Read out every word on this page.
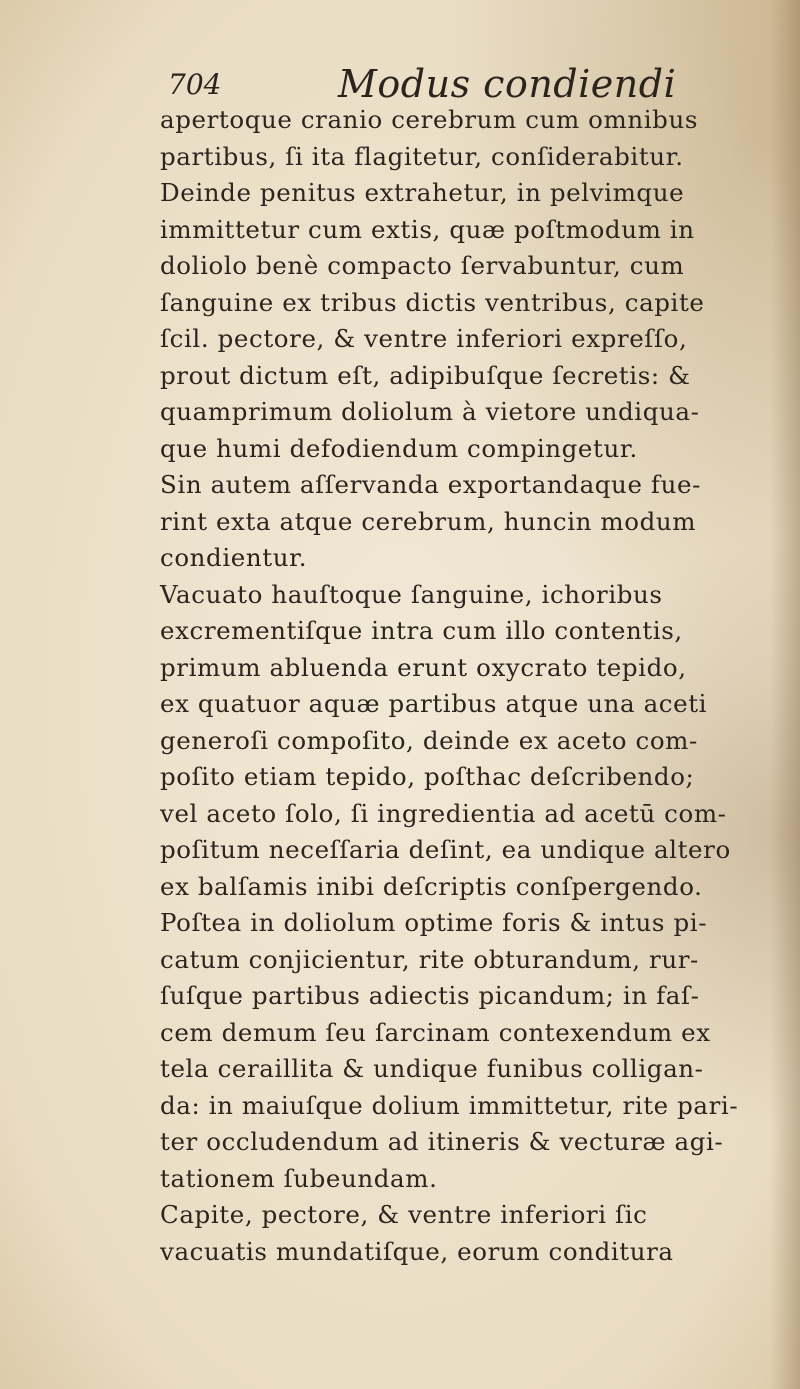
704	Modus condiendi
apertoque cranio cerebrum cum omnibus
partibus, ſi ita flagitetur, conſiderabitur.
Deinde penitus extrahetur, in pelvimque
immittetur cum extis, quæ poſtmodum in
doliolo benè compacto ſervabuntur, cum
ſanguine ex tribus dictis ventribus, capite
ſcil. pectore, & ventre inferiori expreſſo,
prout dictum eſt, adipibuſque ſecretis: &
quamprimum doliolum à vietore undiqua-
que humi defodiendum compingetur.
Sin autem aſſervanda exportandaque fue-
rint exta atque cerebrum, huncin modum
condientur.
Vacuato hauſtoque ſanguine, ichoribus
excrementiſque intra cum illo contentis,
primum abluenda erunt oxycrato tepido,
ex quatuor aquæ partibus atque una aceti
generoſi compoſito, deinde ex aceto com-
poſito etiam tepido, poſthac deſcribendo;
vel aceto ſolo, ſi ingredientia ad acetū com-
poſitum neceſſaria deſint, ea undique altero
ex balſamis inibi deſcriptis conſpergendo.
Poſtea in doliolum optime foris & intus pi-
catum conjicientur, rite obturandum, rur-
ſuſque partibus adiectis picandum; in faſ-
cem demum ſeu ſarcinam contexendum ex
tela ceraillita & undique funibus colligan-
da: in maiuſque dolium immittetur, rite pari-
ter occludendum ad itineris & vecturæ agi-
tationem ſubeundam.
Capite, pectore, & ventre inferiori ſic
vacuatis mundatiſque, eorum conditura
